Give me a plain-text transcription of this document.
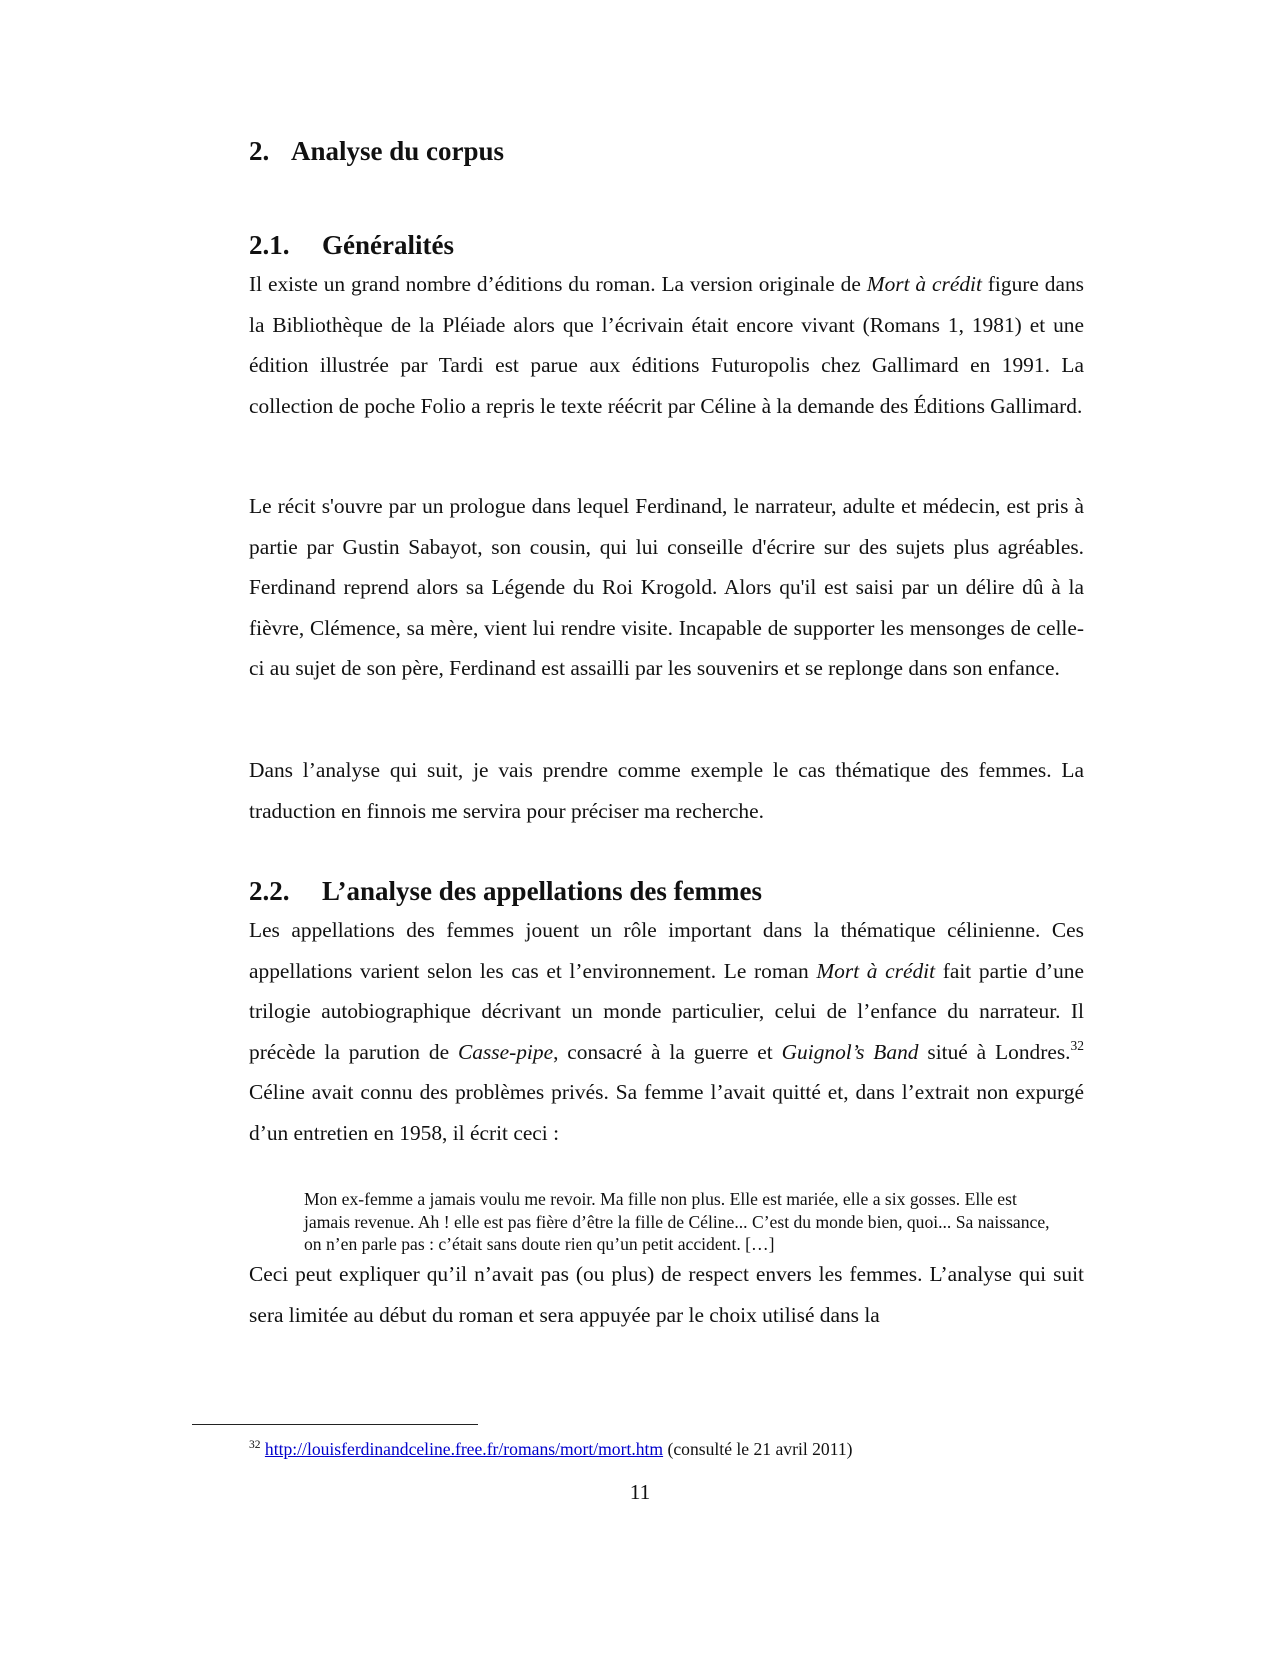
2. Analyse du corpus
2.1. Généralités

Il existe un grand nombre d’éditions du roman. La version originale de Mort à crédit figure dans la Bibliothèque de la Pléiade alors que l’écrivain était encore vivant (Romans 1, 1981) et une édition illustrée par Tardi est parue aux éditions Futuropolis chez Gallimard en 1991. La collection de poche Folio a repris le texte réécrit par Céline à la demande des Éditions Gallimard.

Le récit s'ouvre par un prologue dans lequel Ferdinand, le narrateur, adulte et médecin, est pris à partie par Gustin Sabayot, son cousin, qui lui conseille d'écrire sur des sujets plus agréables. Ferdinand reprend alors sa Légende du Roi Krogold. Alors qu'il est saisi par un délire dû à la fièvre, Clémence, sa mère, vient lui rendre visite. Incapable de supporter les mensonges de celle-ci au sujet de son père, Ferdinand est assailli par les souvenirs et se replonge dans son enfance.

Dans l’analyse qui suit, je vais prendre comme exemple le cas thématique des femmes. La traduction en finnois me servira pour préciser ma recherche.

2.2. L’analyse des appellations des femmes

Les appellations des femmes jouent un rôle important dans la thématique célinienne. Ces appellations varient selon les cas et l’environnement. Le roman Mort à crédit fait partie d’une trilogie autobiographique décrivant un monde particulier, celui de l’enfance du narrateur. Il précède la parution de Casse-pipe, consacré à la guerre et Guignol’s Band situé à Londres.$^{32}$ Céline avait connu des problèmes privés. Sa femme l’avait quitté et, dans l’extrait non expurgé d’un entretien en 1958, il écrit ceci :

Mon ex-femme a jamais voulu me revoir. Ma fille non plus. Elle est mariée, elle a six gosses. Elle est jamais revenue. Ah ! elle est pas fière d’être la fille de Céline... C’est du monde bien, quoi... Sa naissance, on n’en parle pas : c’était sans doute rien qu’un petit accident. […]

Ceci peut expliquer qu’il n’avait pas (ou plus) de respect envers les femmes. L’analyse qui suit sera limitée au début du roman et sera appuyée par le choix utilisé dans la

$^{32}$ http://louisferdinandceline.free.fr/romans/mort/mort.htm (consulté le 21 avril 2011)

11
